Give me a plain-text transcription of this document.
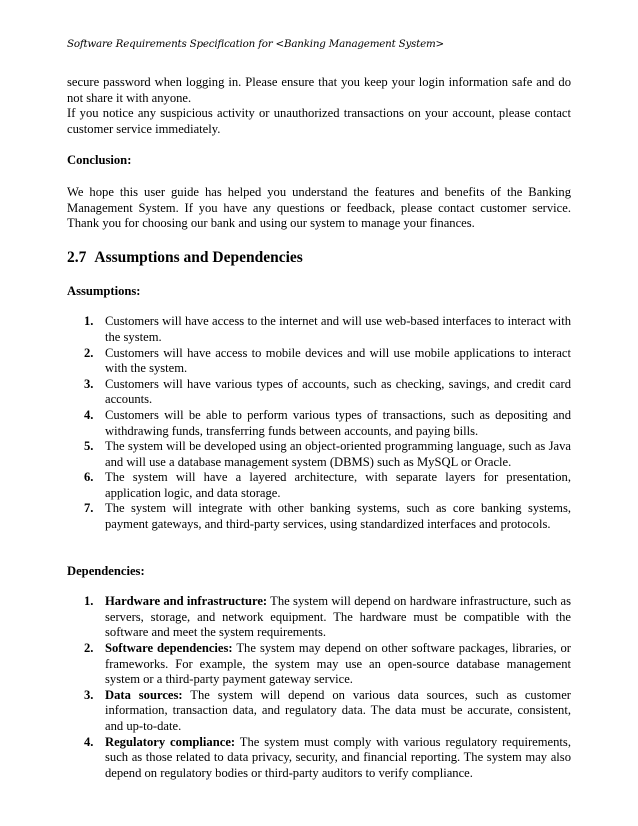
Software Requirements Specification for <Banking Management System>

secure password when logging in. Please ensure that you keep your login information safe and do not share it with anyone.

If you notice any suspicious activity or unauthorized transactions on your account, please contact customer service immediately.

Conclusion:

We hope this user guide has helped you understand the features and benefits of the Banking Management System. If you have any questions or feedback, please contact customer service. Thank you for choosing our bank and using our system to manage your finances.

2.7 Assumptions and Dependencies

Assumptions:

1. Customers will have access to the internet and will use web-based interfaces to interact with the system.
2. Customers will have access to mobile devices and will use mobile applications to interact with the system.
3. Customers will have various types of accounts, such as checking, savings, and credit card accounts.
4. Customers will be able to perform various types of transactions, such as depositing and withdrawing funds, transferring funds between accounts, and paying bills.
5. The system will be developed using an object-oriented programming language, such as Java and will use a database management system (DBMS) such as MySQL or Oracle.
6. The system will have a layered architecture, with separate layers for presentation, application logic, and data storage.
7. The system will integrate with other banking systems, such as core banking systems, payment gateways, and third-party services, using standardized interfaces and protocols.

Dependencies:

1. Hardware and infrastructure: The system will depend on hardware infrastructure, such as servers, storage, and network equipment. The hardware must be compatible with the software and meet the system requirements.
2. Software dependencies: The system may depend on other software packages, libraries, or frameworks. For example, the system may use an open-source database management system or a third-party payment gateway service.
3. Data sources: The system will depend on various data sources, such as customer information, transaction data, and regulatory data. The data must be accurate, consistent, and up-to-date.
4. Regulatory compliance: The system must comply with various regulatory requirements, such as those related to data privacy, security, and financial reporting. The system may also depend on regulatory bodies or third-party auditors to verify compliance.
